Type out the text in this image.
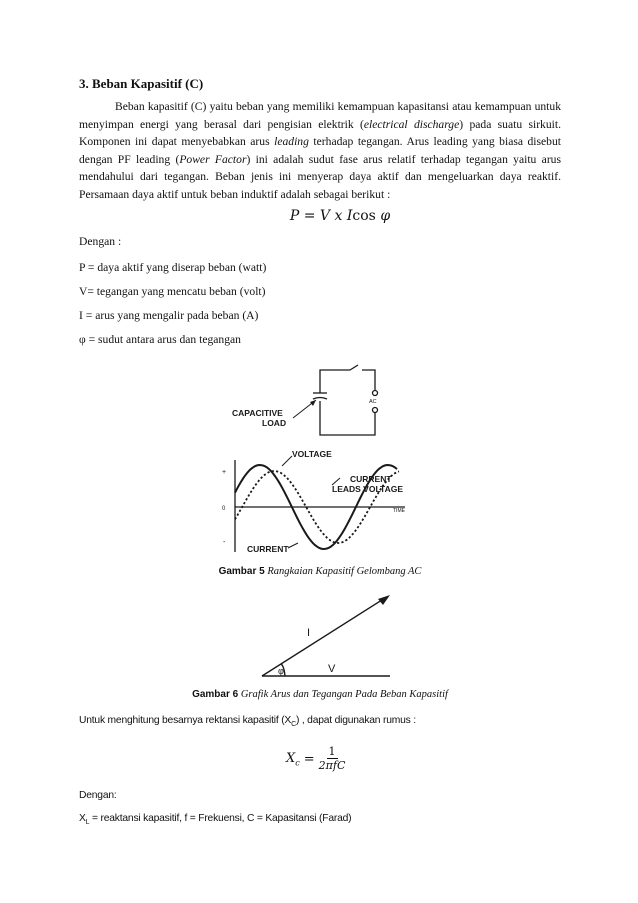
3. Beban Kapasitif (C)
Beban kapasitif (C) yaitu beban yang memiliki kemampuan kapasitansi atau kemampuan untuk menyimpan energi yang berasal dari pengisian elektrik (electrical discharge) pada suatu sirkuit. Komponen ini dapat menyebabkan arus leading terhadap tegangan. Arus leading yang biasa disebut dengan PF leading (Power Factor) ini adalah sudut fase arus relatif terhadap tegangan yaitu arus mendahului dari tegangan. Beban jenis ini menyerap daya aktif dan mengeluarkan daya reaktif. Persamaan daya aktif untuk beban induktif adalah sebagai berikut :
P = V x Icos φ
Dengan :
P = daya aktif yang diserap beban (watt)
V= tegangan yang mencatu beban (volt)
I = arus yang mengalir pada beban (A)
φ = sudut antara arus dan tegangan
CAPACITIVE
LOAD
AC
+
0
-
VOLTAGE
CURRENT
LEADS VOLTAGE
TIME
CURRENT
Gambar 5 Rangkaian Kapasitif Gelombang AC
I
V
φ
Gambar 6 Grafik Arus dan Tegangan Pada Beban Kapasitif
Untuk menghitung besarnya rektansi kapasitif $(X_C)$ , dapat digunakan rumus :
$X_c = 1$
2πfC
Dengan:
$X_L$ = reaktansi kapasitif, f = Frekuensi, C = Kapasitansi (Farad)
